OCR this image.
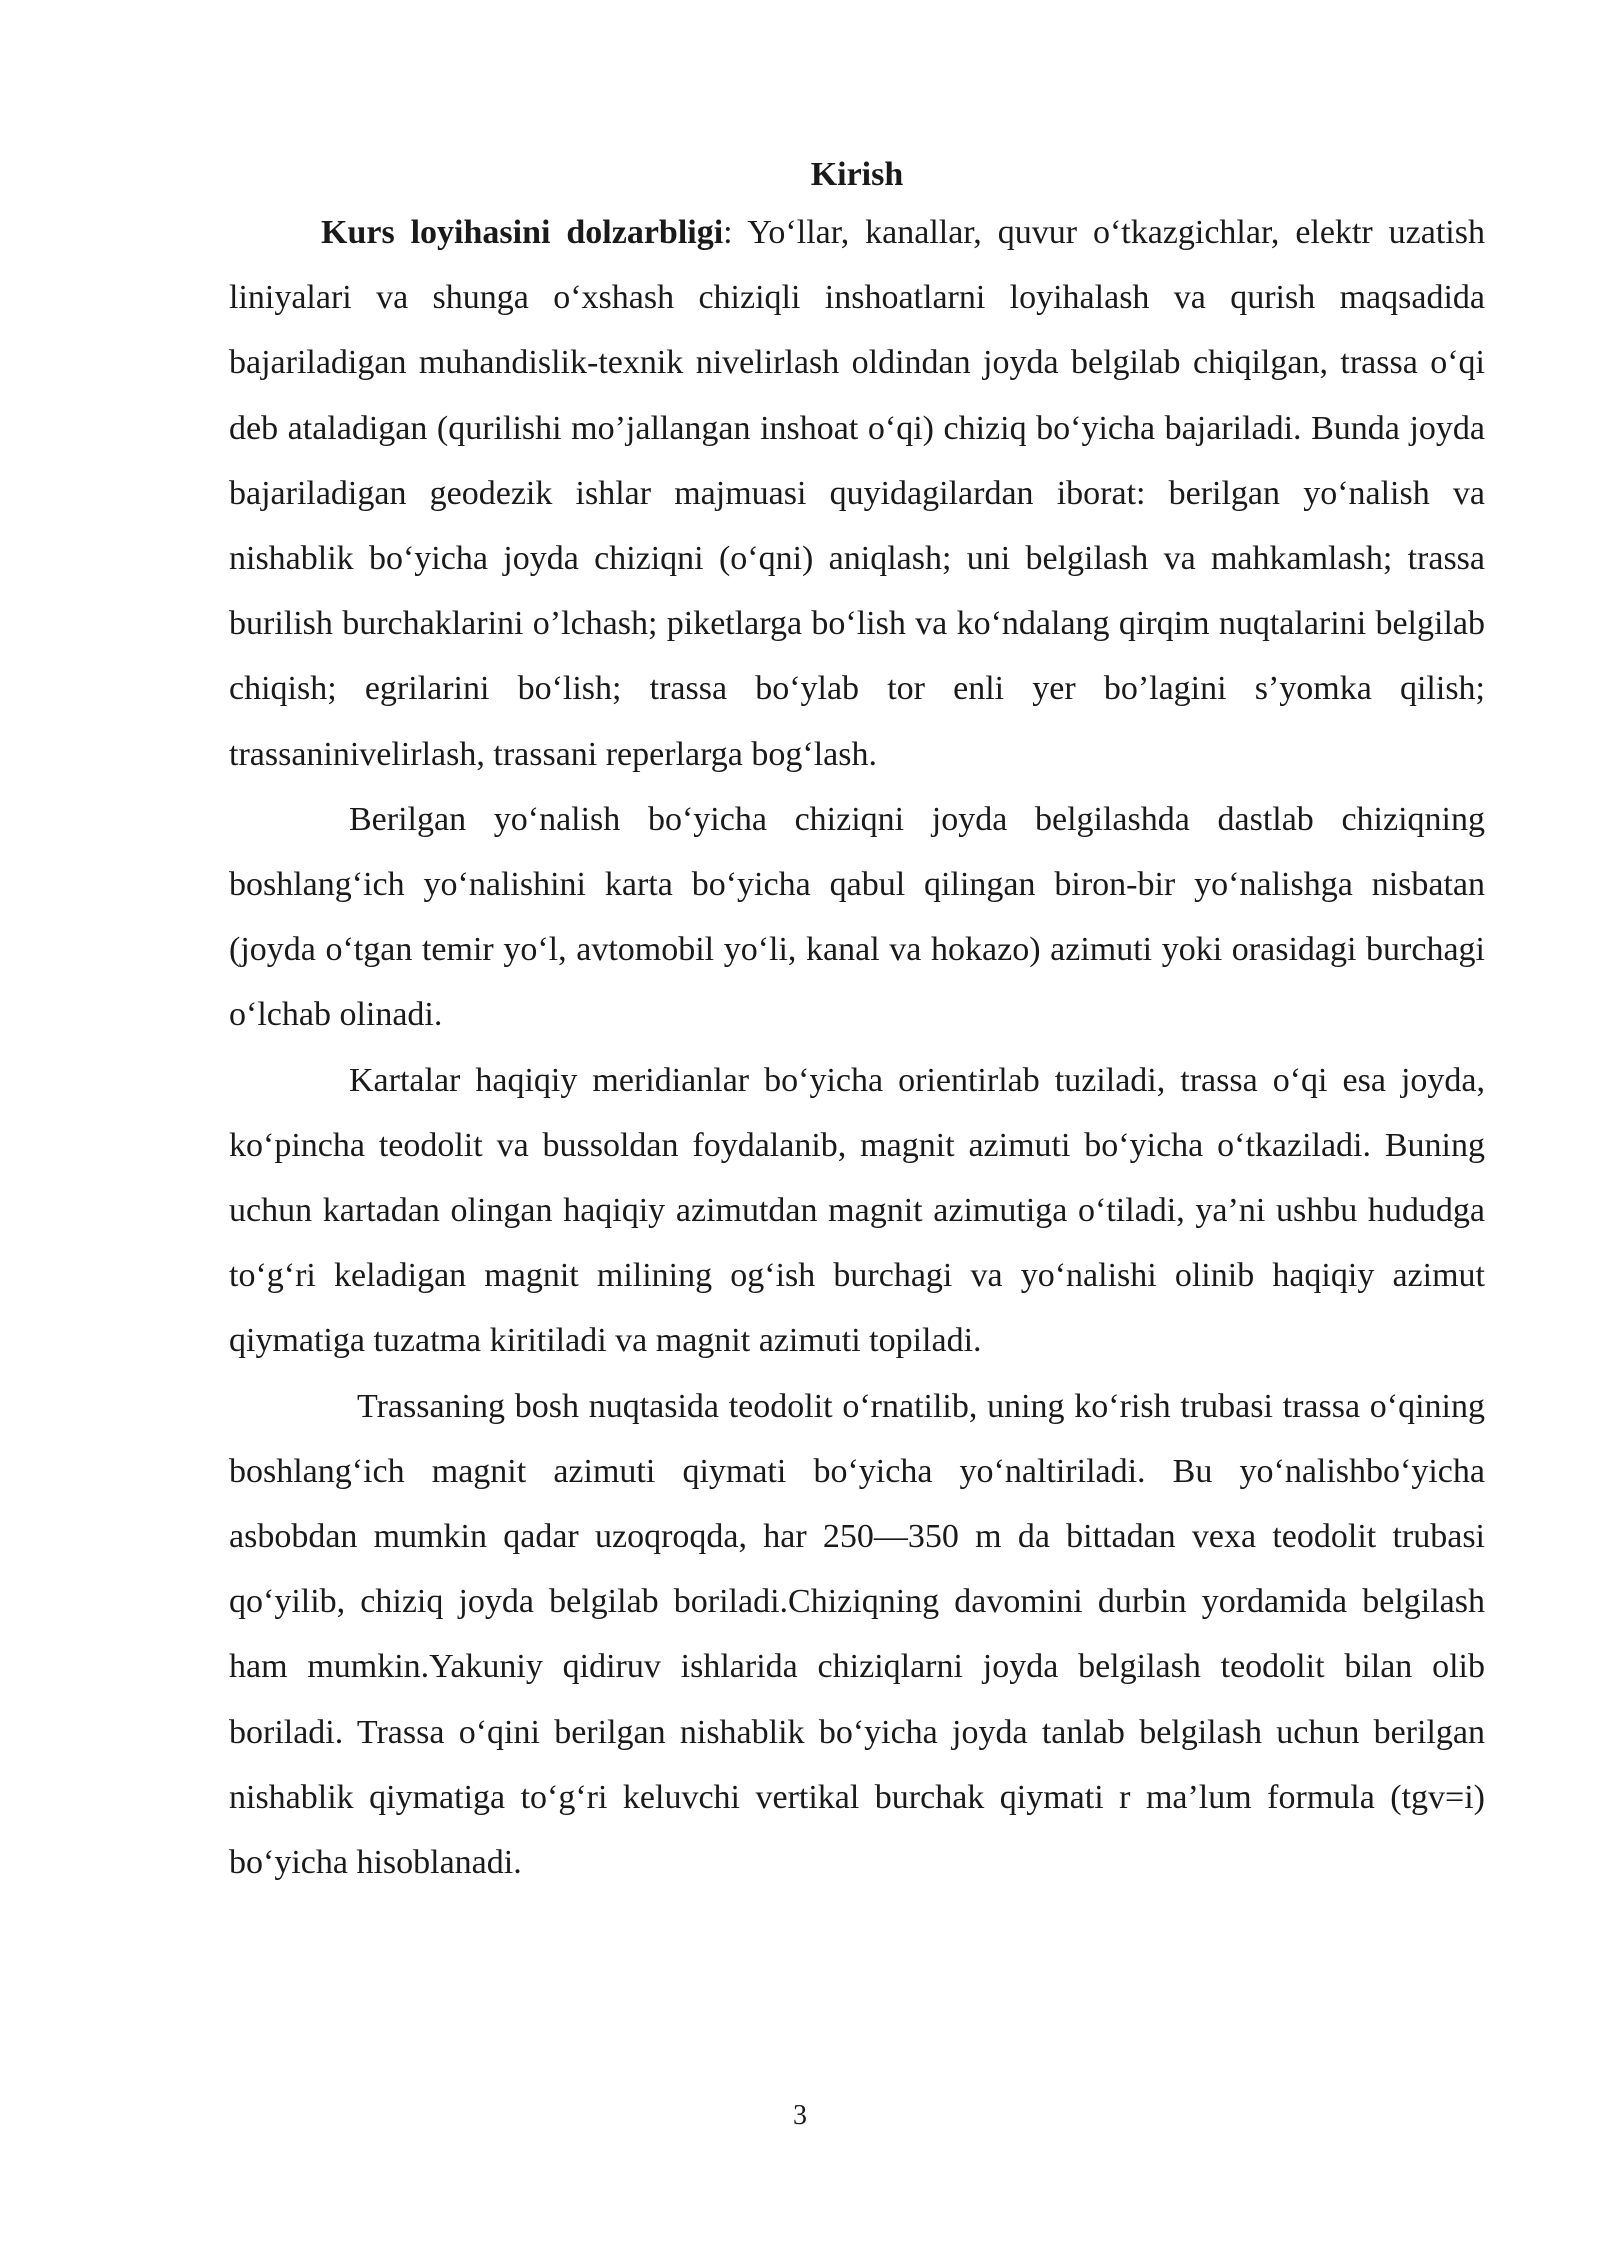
Kirish

Kurs loyihasini dolzarbligi: Yo‘llar, kanallar, quvur o‘tkazgichlar, elektr uzatish liniyalari va shunga o‘xshash chiziqli inshoatlarni loyihalash va qurish maqsadida bajariladigan muhandislik-texnik nivelirlash oldindan joyda belgilab chiqilgan, trassa o‘qi deb ataladigan (qurilishi mo’jallangan inshoat o‘qi) chiziq bo‘yicha bajariladi. Bunda joyda bajariladigan geodezik ishlar majmuasi quyidagilardan iborat: berilgan yo‘nalish va nishablik bo‘yicha joyda chiziqni (o‘qni) aniqlash; uni belgilash va mahkamlash; trassa burilish burchaklarini o’lchash; piketlarga bo‘lish va ko‘ndalang qirqim nuqtalarini belgilab chiqish; egrilarini bo‘lish; trassa bo‘ylab tor enli yer bo’lagini s’yomka qilish; trassaninivelirlash, trassani reperlarga bog‘lash.

Berilgan yo‘nalish bo‘yicha chiziqni joyda belgilashda dastlab chiziqning boshlang‘ich yo‘nalishini karta bo‘yicha qabul qilingan biron-bir yo‘nalishga nisbatan (joyda o‘tgan temir yo‘l, avtomobil yo‘li, kanal va hokazo) azimuti yoki orasidagi burchagi o‘lchab olinadi.

Kartalar haqiqiy meridianlar bo‘yicha orientirlab tuziladi, trassa o‘qi esa joyda, ko‘pincha teodolit va bussoldan foydalanib, magnit azimuti bo‘yicha o‘tkaziladi. Buning uchun kartadan olingan haqiqiy azimutdan magnit azimutiga o‘tiladi, ya’ni ushbu hududga to‘g‘ri keladigan magnit milining og‘ish burchagi va yo‘nalishi olinib haqiqiy azimut qiymatiga tuzatma kiritiladi va magnit azimuti topiladi.

Trassaning bosh nuqtasida teodolit o‘rnatilib, uning ko‘rish trubasi trassa o‘qining boshlang‘ich magnit azimuti qiymati bo‘yicha yo‘naltiriladi. Bu yo‘nalishbo‘yicha asbobdan mumkin qadar uzoqroqda, har 250—350 m da bittadan vexa teodolit trubasi qo‘yilib, chiziq joyda belgilab boriladi.Chiziqning davomini durbin yordamida belgilash ham mumkin.Yakuniy qidiruv ishlarida chiziqlarni joyda belgilash teodolit bilan olib boriladi. Trassa o‘qini berilgan nishablik bo‘yicha joyda tanlab belgilash uchun berilgan nishablik qiymatiga to‘g‘ri keluvchi vertikal burchak qiymati r ma’lum formula (tgv=i) bo‘yicha hisoblanadi.

3
